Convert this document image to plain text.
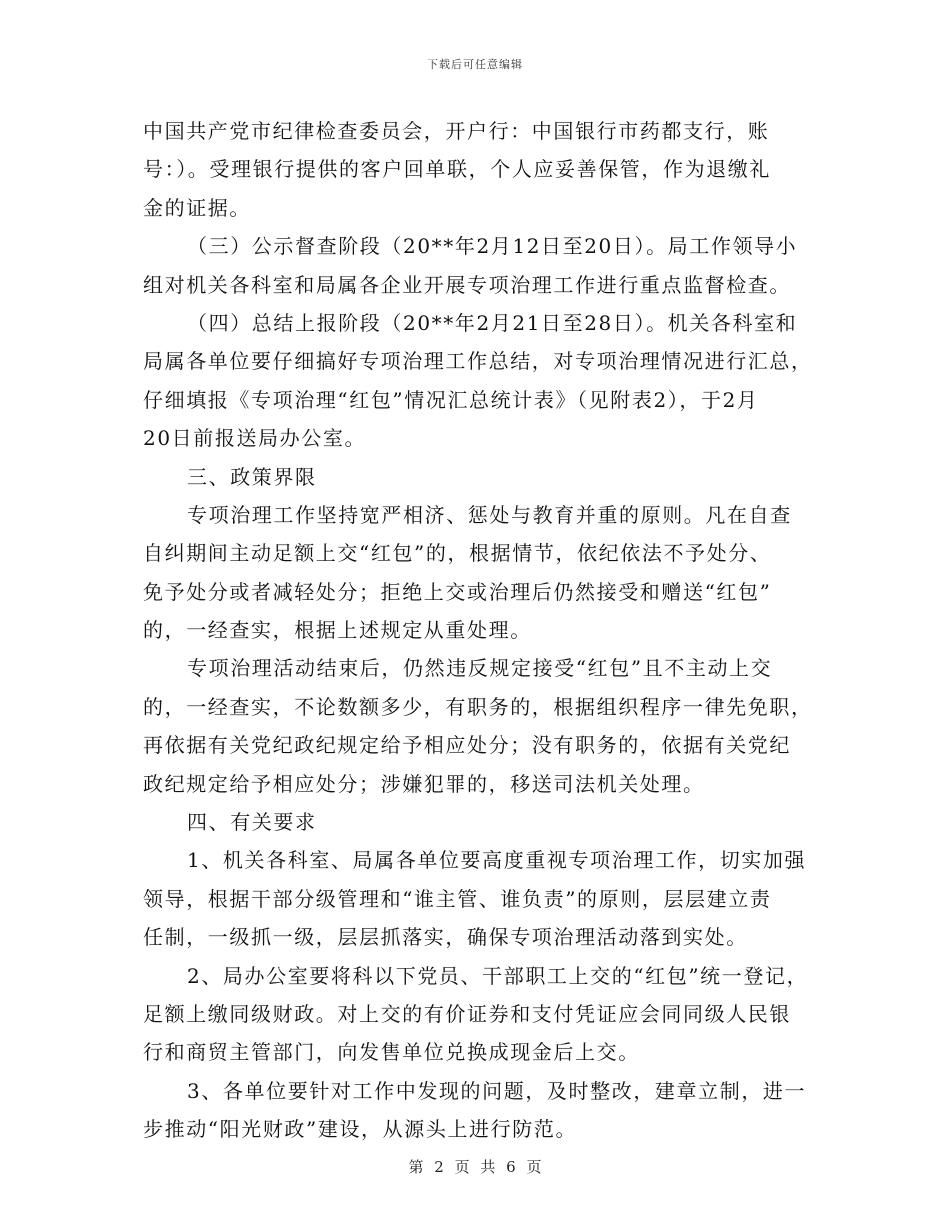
下载后可任意编辑
中国共产党市纪律检查委员会，开户行：中国银行市药都支行，账
号：）。受理银行提供的客户回单联，个人应妥善保管，作为退缴礼
金的证据。
（三）公示督查阶段（20**年2月12日至20日）。局工作领导小
组对机关各科室和局属各企业开展专项治理工作进行重点监督检查。
（四）总结上报阶段（20**年2月21日至28日）。机关各科室和
局属各单位要仔细搞好专项治理工作总结，对专项治理情况进行汇总，
仔细填报《专项治理“红包”情况汇总统计表》（见附表2），于2月
20日前报送局办公室。
三、政策界限
专项治理工作坚持宽严相济、惩处与教育并重的原则。凡在自查
自纠期间主动足额上交“红包”的，根据情节，依纪依法不予处分、
免予处分或者减轻处分；拒绝上交或治理后仍然接受和赠送“红包”
的，一经查实，根据上述规定从重处理。
专项治理活动结束后，仍然违反规定接受“红包”且不主动上交
的，一经查实，不论数额多少，有职务的，根据组织程序一律先免职，
再依据有关党纪政纪规定给予相应处分；没有职务的，依据有关党纪
政纪规定给予相应处分；涉嫌犯罪的，移送司法机关处理。
四、有关要求
1、机关各科室、局属各单位要高度重视专项治理工作，切实加强
领导，根据干部分级管理和“谁主管、谁负责”的原则，层层建立责
任制，一级抓一级，层层抓落实，确保专项治理活动落到实处。
2、局办公室要将科以下党员、干部职工上交的“红包”统一登记，
足额上缴同级财政。对上交的有价证券和支付凭证应会同同级人民银
行和商贸主管部门，向发售单位兑换成现金后上交。
3、各单位要针对工作中发现的问题，及时整改，建章立制，进一
步推动“阳光财政”建设，从源头上进行防范。
第 2 页 共 6 页
